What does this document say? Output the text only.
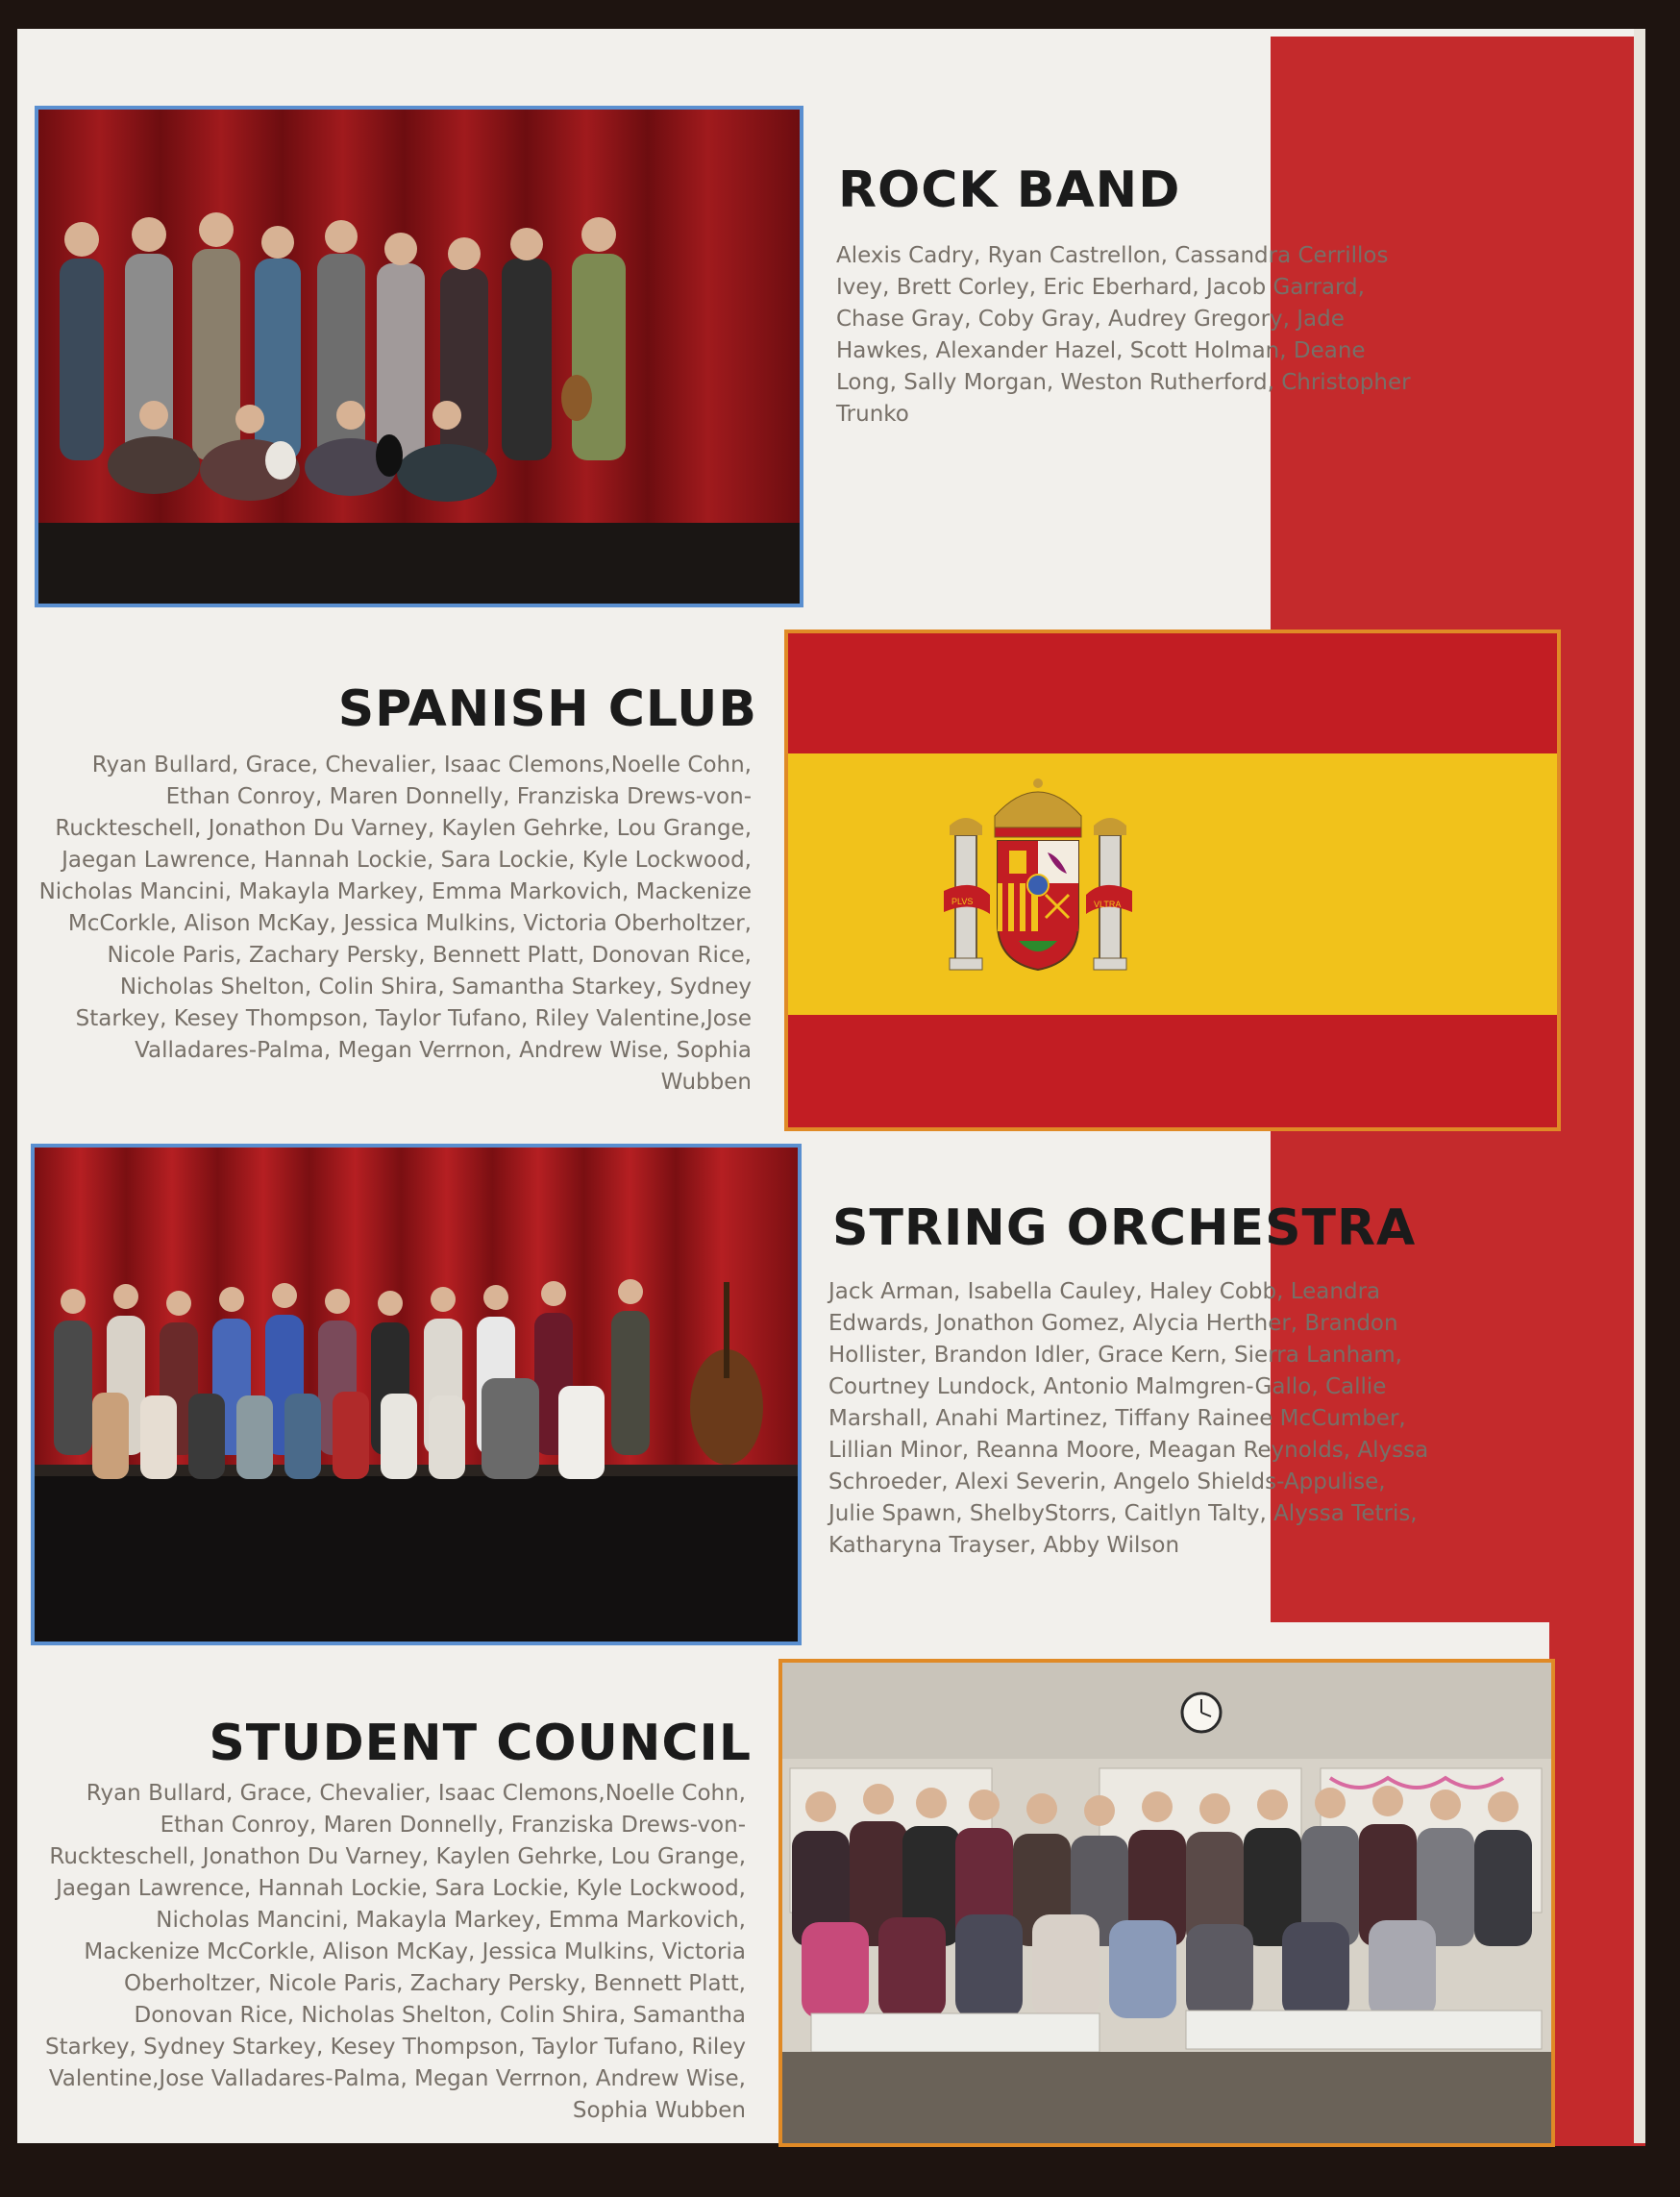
ROCK BAND

Alexis Cadry, Ryan Castrellon, Cassandra Cerrillos Ivey, Brett Corley, Eric Eberhard, Jacob Garrard, Chase Gray, Coby Gray, Audrey Gregory, Jade Hawkes, Alexander Hazel, Scott Holman, Deane Long, Sally Morgan, Weston Rutherford, Christopher Trunko

SPANISH CLUB

Ryan Bullard, Grace, Chevalier, Isaac Clemons,Noelle Cohn, Ethan Conroy, Maren Donnelly, Franziska Drews-von-Ruckteschell, Jonathon Du Varney, Kaylen Gehrke, Lou Grange, Jaegan Lawrence, Hannah Lockie, Sara Lockie, Kyle Lockwood, Nicholas Mancini, Makayla Markey, Emma Markovich, Mackenize McCorkle, Alison McKay, Jessica Mulkins, Victoria Oberholtzer, Nicole Paris, Zachary Persky, Bennett Platt, Donovan Rice, Nicholas Shelton, Colin Shira, Samantha Starkey, Sydney Starkey, Kesey Thompson, Taylor Tufano, Riley Valentine,Jose Valladares-Palma, Megan Verrnon, Andrew Wise, Sophia Wubben

PLVS	VLTRA
STRING ORCHESTRA

Jack Arman, Isabella Cauley, Haley Cobb, Leandra Edwards, Jonathon Gomez, Alycia Herther, Brandon Hollister, Brandon Idler, Grace Kern, Sierra Lanham, Courtney Lundock, Antonio Malmgren-Gallo, Callie Marshall, Anahi Martinez, Tiffany Rainee McCumber, Lillian Minor, Reanna Moore, Meagan Reynolds, Alyssa Schroeder, Alexi Severin, Angelo Shields-Appulise, Julie Spawn, ShelbyStorrs, Caitlyn Talty, Alyssa Tetris, Katharyna Trayser, Abby Wilson

STUDENT COUNCIL

Ryan Bullard, Grace, Chevalier, Isaac Clemons,Noelle Cohn, Ethan Conroy, Maren Donnelly, Franziska Drews-von-Ruckteschell, Jonathon Du Varney, Kaylen Gehrke, Lou Grange, Jaegan Lawrence, Hannah Lockie, Sara Lockie, Kyle Lockwood, Nicholas Mancini, Makayla Markey, Emma Markovich, Mackenize McCorkle, Alison McKay, Jessica Mulkins, Victoria Oberholtzer, Nicole Paris, Zachary Persky, Bennett Platt, Donovan Rice, Nicholas Shelton, Colin Shira, Samantha Starkey, Sydney Starkey, Kesey Thompson, Taylor Tufano, Riley Valentine,Jose Valladares-Palma, Megan Verrnon, Andrew Wise, Sophia Wubben
